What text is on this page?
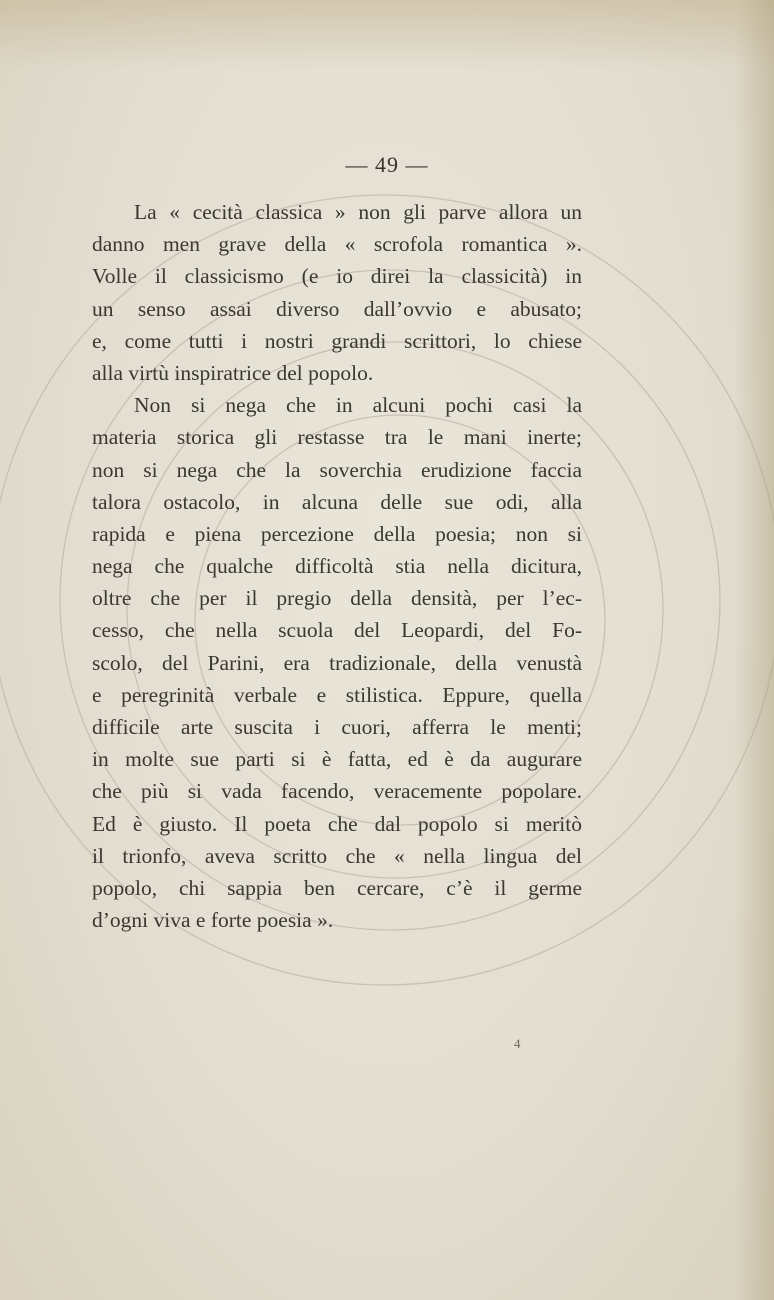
— 49 —
La « cecità classica » non gli parve allora un
danno men grave della « scrofola romantica ».
Volle il classicismo (e io direi la classicità) in
un senso assai diverso dall’ovvio e abusato;
e, come tutti i nostri grandi scrittori, lo chiese
alla virtù inspiratrice del popolo.
Non si nega che in alcuni pochi casi la
materia storica gli restasse tra le mani inerte;
non si nega che la soverchia erudizione faccia
talora ostacolo, in alcuna delle sue odi, alla
rapida e piena percezione della poesia; non si
nega che qualche difficoltà stia nella dicitura,
oltre che per il pregio della densità, per l’ec-
cesso, che nella scuola del Leopardi, del Fo-
scolo, del Parini, era tradizionale, della venustà
e peregrinità verbale e stilistica. Eppure, quella
difficile arte suscita i cuori, afferra le menti;
in molte sue parti si è fatta, ed è da augurare
che più si vada facendo, veracemente popolare.
Ed è giusto. Il poeta che dal popolo si meritò
il trionfo, aveva scritto che « nella lingua del
popolo, chi sappia ben cercare, c’è il germe
d’ogni viva e forte poesia ».
4
